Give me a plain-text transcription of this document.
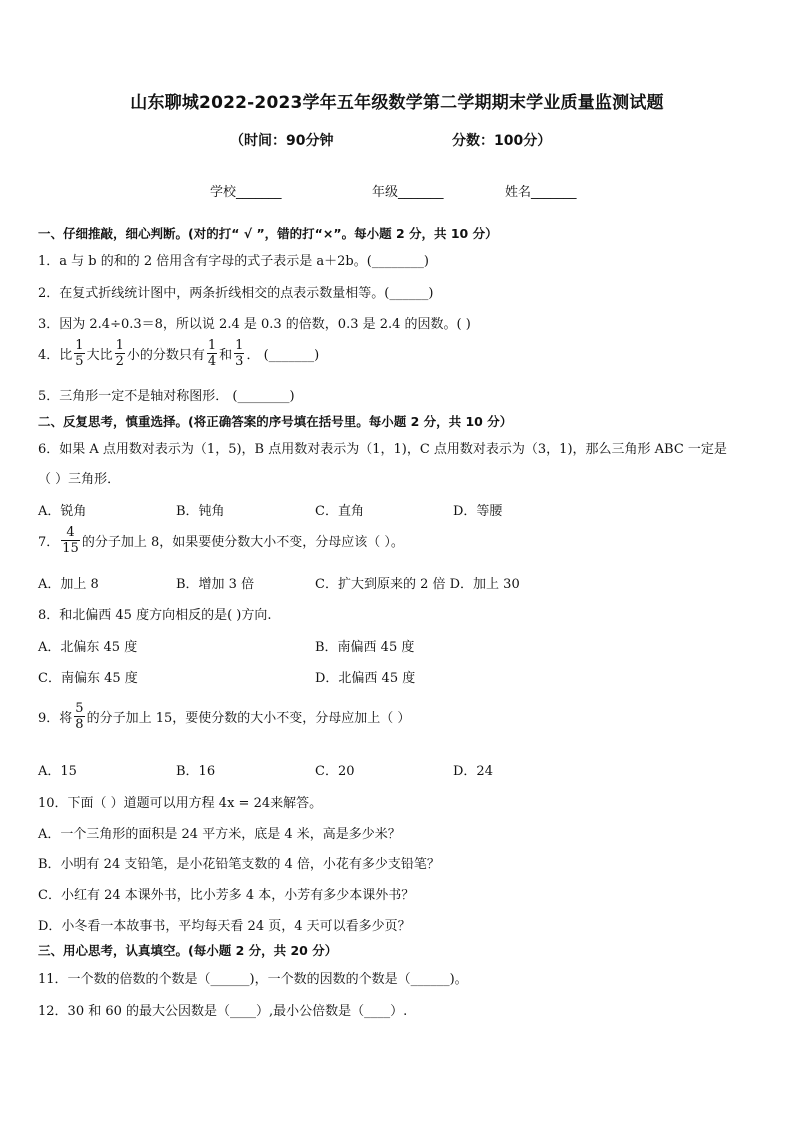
山东聊城2022-2023学年五年级数学第二学期期末学业质量监测试题
（时间：90分钟	分数：100分）
学校_______	年级_______	姓名_______
一、仔细推敲，细心判断。(对的打“ √ ”，错的打“×”。每小题 2 分，共 10 分）
1．a 与 b 的和的 2 倍用含有字母的式子表示是 a＋2b。(________)
2．在复式折线统计图中，两条折线相交的点表示数量相等。(______)
3．因为 2.4÷0.3＝8，所以说 2.4 是 0.3 的倍数，0.3 是 2.4 的因数。( )
4．比 $\frac{1}{5}$ 大比 $\frac{1}{2}$ 小的分数只有 $\frac{1}{4}$ 和 $\frac{1}{3}$ ． (_______)
5．三角形一定不是轴对称图形． (________)
二、反复思考，慎重选择。(将正确答案的序号填在括号里。每小题 2 分，共 10 分）
6．如果 A 点用数对表示为（1，5)，B 点用数对表示为（1，1)，C 点用数对表示为（3，1)，那么三角形 ABC 一定是
（ ）三角形．
A．锐角	B．钝角	C．直角	D．等腰
7． $\frac{4}{15}$ 的分子加上 8，如果要使分数大小不变，分母应该（ ）。
A．加上 8	B．增加 3 倍	C．扩大到原来的 2 倍 D．加上 30
8．和北偏西 45 度方向相反的是( )方向.
A．北偏东 45 度	B．南偏西 45 度
C．南偏东 45 度	D．北偏西 45 度
9．将 $\frac{5}{8}$ 的分子加上 15，要使分数的大小不变，分母应加上（ ）
A．15	B．16	C．20	D．24
10．下面（ ）道题可以用方程 4x = 24来解答。
A．一个三角形的面积是 24 平方米，底是 4 米，高是多少米？
B．小明有 24 支铅笔，是小花铅笔支数的 4 倍，小花有多少支铅笔？
C．小红有 24 本课外书，比小芳多 4 本，小芳有多少本课外书？
D．小冬看一本故事书，平均每天看 24 页，4 天可以看多少页？
三、用心思考，认真填空。(每小题 2 分，共 20 分）
11．一个数的倍数的个数是（______)，一个数的因数的个数是（______)。
12．30 和 60 的最大公因数是（____）,最小公倍数是（____）.
